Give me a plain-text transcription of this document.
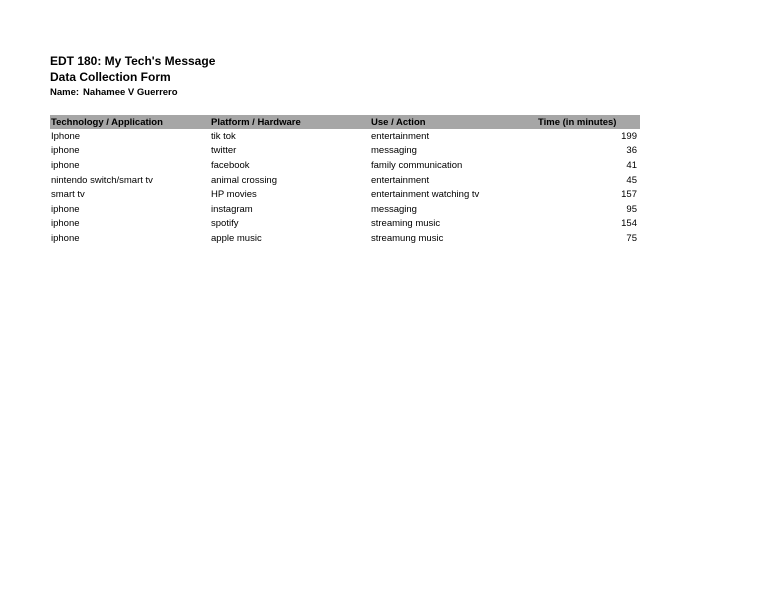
EDT 180: My Tech's Message
Data Collection Form
Name: Nahamee V Guerrero
Technology / Application	Platform / Hardware	Use / Action	Time (in minutes)
Iphone	tik tok	entertainment	199
iphone	twitter	messaging	36
iphone	facebook	family communication	41
nintendo switch/smart tv	animal crossing	entertainment	45
smart tv	HP movies	entertainment watching tv	157
iphone	instagram	messaging	95
iphone	spotify	streaming music	154
iphone	apple music	streamung music	75
